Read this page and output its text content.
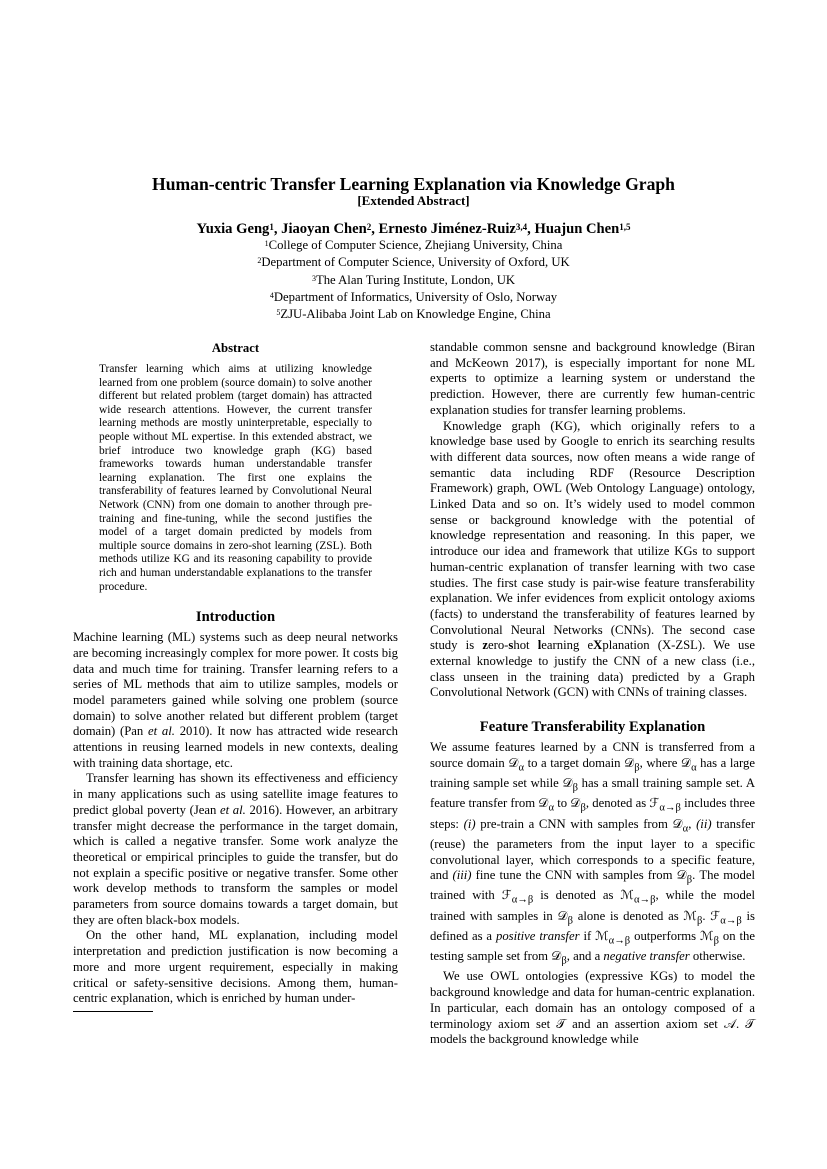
Human-centric Transfer Learning Explanation via Knowledge Graph
[Extended Abstract]
Yuxia Geng$^1$, Jiaoyan Chen$^2$, Ernesto Jiménez-Ruiz$^{3,4}$, Huajun Chen$^{1,5}$
$^1$College of Computer Science, Zhejiang University, China
$^2$Department of Computer Science, University of Oxford, UK
$^3$The Alan Turing Institute, London, UK
$^4$Department of Informatics, University of Oslo, Norway
$^5$ZJU-Alibaba Joint Lab on Knowledge Engine, China
Abstract

Transfer learning which aims at utilizing knowledge learned from one problem (source domain) to solve another different but related problem (target domain) has attracted wide research attentions. However, the current transfer learning methods are mostly uninterpretable, especially to people without ML expertise. In this extended abstract, we brief introduce two knowledge graph (KG) based frameworks towards human understandable transfer learning explanation. The first one explains the transferability of features learned by Convolutional Neural Network (CNN) from one domain to another through pre-training and fine-tuning, while the second justifies the model of a target domain predicted by models from multiple source domains in zero-shot learning (ZSL). Both methods utilize KG and its reasoning capability to provide rich and human understandable explanations to the transfer procedure.

Introduction

Machine learning (ML) systems such as deep neural networks are becoming increasingly complex for more power. It costs big data and much time for training. Transfer learning refers to a series of ML methods that aim to utilize samples, models or model parameters gained while solving one problem (source domain) to solve another related but different problem (target domain) (Pan et al. 2010). It now has attracted wide research attentions in reusing learned models in new contexts, dealing with training data shortage, etc.

Transfer learning has shown its effectiveness and efficiency in many applications such as using satellite image features to predict global poverty (Jean et al. 2016). However, an arbitrary transfer might decrease the performance in the target domain, which is called a negative transfer. Some work analyze the theoretical or empirical principles to guide the transfer, but do not explain a specific positive or negative transfer. Some other work develop methods to transform the samples or model parameters from source domains towards a target domain, but they are often black-box models.

On the other hand, ML explanation, including model interpretation and prediction justification is now becoming a more and more urgent requirement, especially in making critical or safety-sensitive decisions. Among them, human-centric explanation, which is enriched by human under-

standable common sensne and background knowledge (Biran and McKeown 2017), is especially important for none ML experts to optimize a learning system or understand the prediction. However, there are currently few human-centric explanation studies for transfer learning problems.

Knowledge graph (KG), which originally refers to a knowledge base used by Google to enrich its searching results with different data sources, now often means a wide range of semantic data including RDF (Resource Description Framework) graph, OWL (Web Ontology Language) ontology, Linked Data and so on. It’s widely used to model common sense or background knowledge with the potential of knowledge representation and reasoning. In this paper, we introduce our idea and framework that utilize KGs to support human-centric explanation of transfer learning with two case studies. The first case study is pair-wise feature transferability explanation. We infer evidences from explicit ontology axioms (facts) to understand the transferability of features learned by Convolutional Neural Networks (CNNs). The second case study is zero-shot learning eXplanation (X-ZSL). We use external knowledge to justify the CNN of a new class (i.e., class unseen in the training data) predicted by a Graph Convolutional Network (GCN) with CNNs of training classes.

Feature Transferability Explanation

We assume features learned by a CNN is transferred from a source domain 𝒟$_\alpha$ to a target domain 𝒟$_\beta$, where 𝒟$_\alpha$ has a large training sample set while 𝒟$_\beta$ has a small training sample set. A feature transfer from 𝒟$_\alpha$ to 𝒟$_\beta$, denoted as ℱ$_{\alpha\to\beta}$ includes three steps: (i) pre-train a CNN with samples from 𝒟$_\alpha$, (ii) transfer (reuse) the parameters from the input layer to a specific convolutional layer, which corresponds to a specific feature, and (iii) fine tune the CNN with samples from 𝒟$_\beta$. The model trained with ℱ$_{\alpha\to\beta}$ is denoted as ℳ$_{\alpha\to\beta}$, while the model trained with samples in 𝒟$_\beta$ alone is denoted as ℳ$_\beta$. ℱ$_{\alpha\to\beta}$ is defined as a positive transfer if ℳ$_{\alpha\to\beta}$ outperforms ℳ$_\beta$ on the testing sample set from 𝒟$_\beta$, and a negative transfer otherwise.

We use OWL ontologies (expressive KGs) to model the background knowledge and data for human-centric explanation. In particular, each domain has an ontology composed of a terminology axiom set 𝒯 and an assertion axiom set 𝒜. 𝒯 models the background knowledge while
